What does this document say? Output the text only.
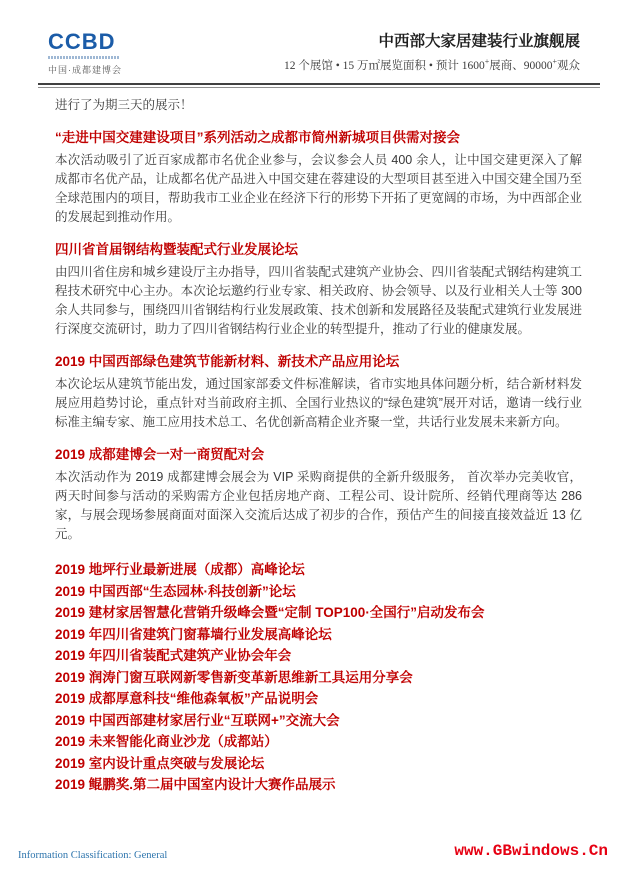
CCBD
中国·成都建博会
中西部大家居建装行业旗舰展
12 个展馆 • 15 万㎡展览面积 • 预计 1600+展商、90000+观众
进行了为期三天的展示！
“走进中国交建建设项目”系列活动之成都市简州新城项目供需对接会

本次活动吸引了近百家成都市名优企业参与，会议参会人员 400 余人，让中国交建更深入了解成都市名优产品，让成都名优产品进入中国交建在蓉建设的大型项目甚至进入中国交建全国乃至全球范围内的项目，帮助我市工业企业在经济下行的形势下开拓了更宽阔的市场，为中西部企业的发展起到推动作用。

四川省首届钢结构暨装配式行业发展论坛

由四川省住房和城乡建设厅主办指导，四川省装配式建筑产业协会、四川省装配式钢结构建筑工程技术研究中心主办。本次论坛邀约行业专家、相关政府、协会领导、以及行业相关人士等 300 余人共同参与，围绕四川省钢结构行业发展政策、技术创新和发展路径及装配式建筑行业发展进行深度交流研讨，助力了四川省钢结构行业企业的转型提升，推动了行业的健康发展。

2019 中国西部绿色建筑节能新材料、新技术产品应用论坛

本次论坛从建筑节能出发，通过国家部委文件标准解读，省市实地具体问题分析，结合新材料发展应用趋势讨论，重点针对当前政府主抓、全国行业热议的“绿色建筑”展开对话，邀请一线行业标准主编专家、施工应用技术总工、名优创新高精企业齐聚一堂，共话行业发展未来新方向。

2019 成都建博会一对一商贸配对会

本次活动作为 2019 成都建博会展会为 VIP 采购商提供的全新升级服务， 首次举办完美收官，两天时间参与活动的采购需方企业包括房地产商、工程公司、设计院所、经销代理商等达 286 家，与展会现场参展商面对面深入交流后达成了初步的合作，预估产生的间接直接效益近 13 亿元。

2019 地坪行业最新进展（成都）高峰论坛
2019 中国西部“生态园林·科技创新”论坛
2019 建材家居智慧化营销升级峰会暨“定制 TOP100·全国行”启动发布会
2019 年四川省建筑门窗幕墙行业发展高峰论坛
2019 年四川省装配式建筑产业协会年会
2019 润涛门窗互联网新零售新变革新思维新工具运用分享会
2019 成都厚意科技“维他森氧板”产品说明会
2019 中国西部建材家居行业“互联网+”交流大会
2019 未来智能化商业沙龙（成都站）
2019 室内设计重点突破与发展论坛
2019 鲲鹏奖.第二届中国室内设计大赛作品展示
Information Classification: General	www.GBwindows.Cn
